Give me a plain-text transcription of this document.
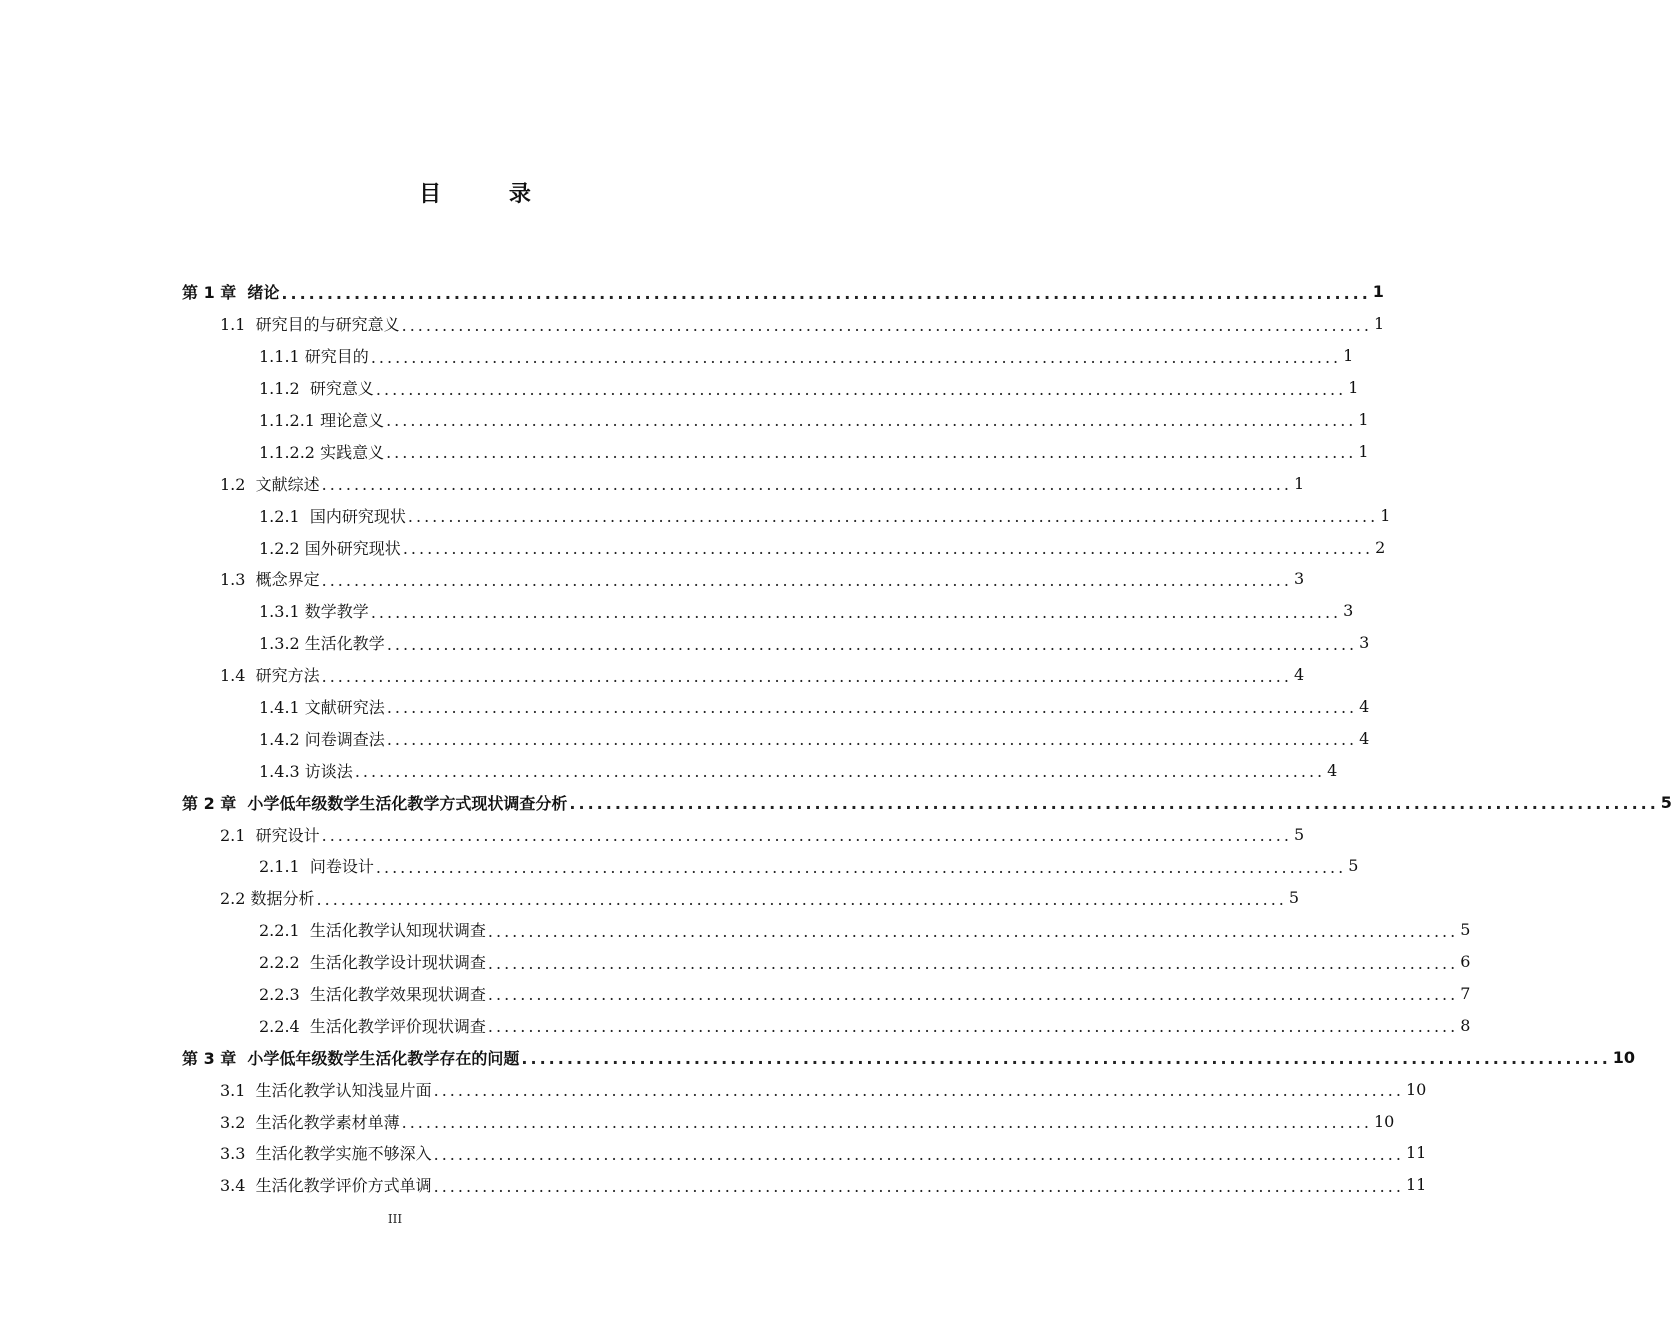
目 录
第 1 章  绪论 ........................................................................................................................ 1
1.1  研究目的与研究意义 ........................................................................................................................ 1
1.1.1 研究目的 ........................................................................................................................ 1
1.1.2  研究意义 ........................................................................................................................ 1
1.1.2.1 理论意义 ........................................................................................................................ 1
1.1.2.2 实践意义 ........................................................................................................................ 1
1.2  文献综述 ........................................................................................................................ 1
1.2.1  国内研究现状 ........................................................................................................................ 1
1.2.2 国外研究现状 ........................................................................................................................ 2
1.3  概念界定 ........................................................................................................................ 3
1.3.1 数学教学 ........................................................................................................................ 3
1.3.2 生活化教学 ........................................................................................................................ 3
1.4  研究方法 ........................................................................................................................ 4
1.4.1 文献研究法 ........................................................................................................................ 4
1.4.2 问卷调查法 ........................................................................................................................ 4
1.4.3 访谈法 ........................................................................................................................ 4
第 2 章  小学低年级数学生活化教学方式现状调查分析 ........................................................................................................................ 5
2.1  研究设计 ........................................................................................................................ 5
2.1.1  问卷设计 ........................................................................................................................ 5
2.2 数据分析 ........................................................................................................................ 5
2.2.1  生活化教学认知现状调查 ........................................................................................................................ 5
2.2.2  生活化教学设计现状调查 ........................................................................................................................ 6
2.2.3  生活化教学效果现状调查 ........................................................................................................................ 7
2.2.4  生活化教学评价现状调查 ........................................................................................................................ 8
第 3 章  小学低年级数学生活化教学存在的问题 ........................................................................................................................ 10
3.1  生活化教学认知浅显片面 ........................................................................................................................ 10
3.2  生活化教学素材单薄 ........................................................................................................................ 10
3.3  生活化教学实施不够深入 ........................................................................................................................ 11
3.4  生活化教学评价方式单调 ........................................................................................................................ 11
III
